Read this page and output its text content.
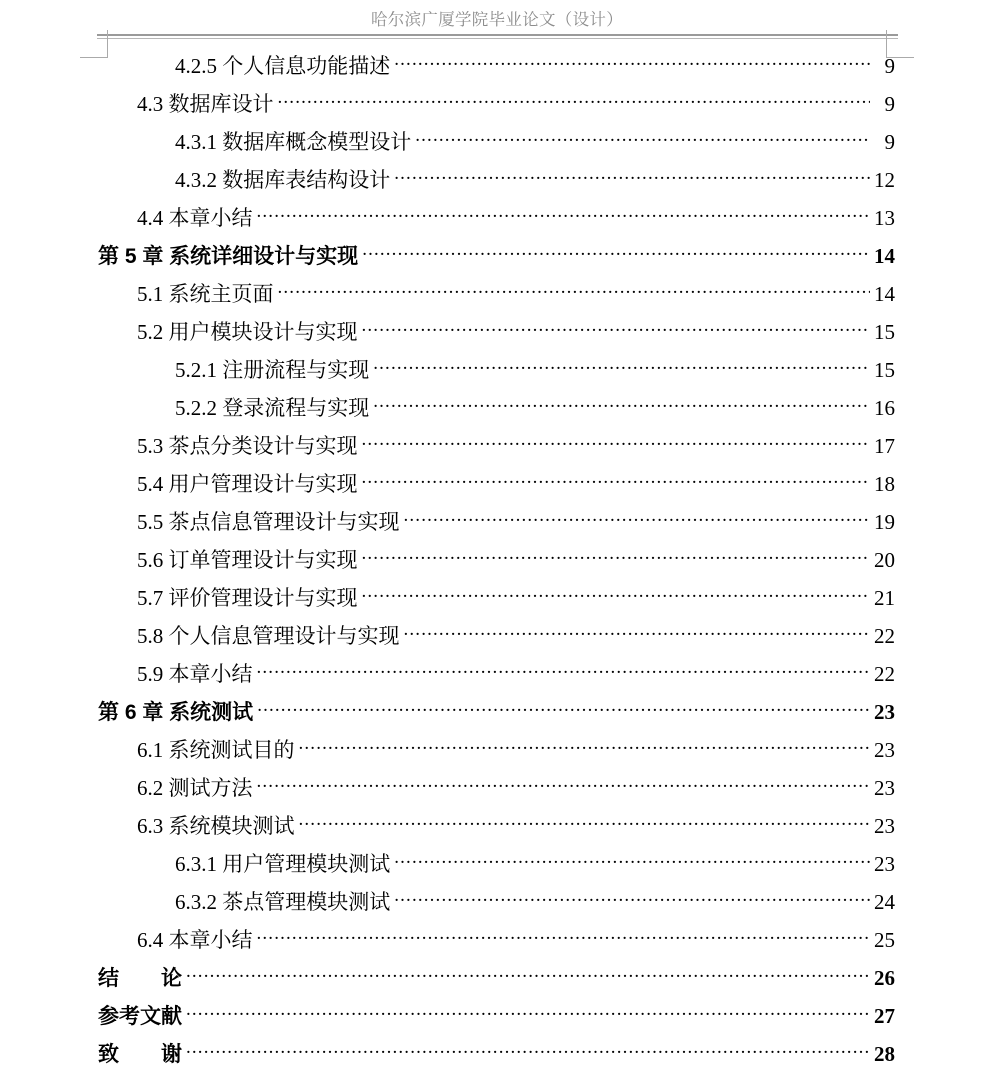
哈尔滨广厦学院毕业论文（设计）
4.2.5 个人信息功能描述 .....	9
4.3 数据库设计 .....	9
4.3.1 数据库概念模型设计 .....	9
4.3.2 数据库表结构设计 .....	12
4.4 本章小结 .....	13
第 5 章 系统详细设计与实现 .....	14
5.1 系统主页面 .....	14
5.2 用户模块设计与实现 .....	15
5.2.1 注册流程与实现 .....	15
5.2.2 登录流程与实现 .....	16
5.3 茶点分类设计与实现 .....	17
5.4 用户管理设计与实现 .....	18
5.5 茶点信息管理设计与实现 .....	19
5.6 订单管理设计与实现 .....	20
5.7 评价管理设计与实现 .....	21
5.8 个人信息管理设计与实现 .....	22
5.9 本章小结 .....	22
第 6 章 系统测试 .....	23
6.1 系统测试目的 .....	23
6.2 测试方法 .....	23
6.3 系统模块测试 .....	23
6.3.1 用户管理模块测试 .....	23
6.3.2 茶点管理模块测试 .....	24
6.4 本章小结 .....	25
结　　论 .....	26
参考文献 .....	27
致　　谢 .....	28
